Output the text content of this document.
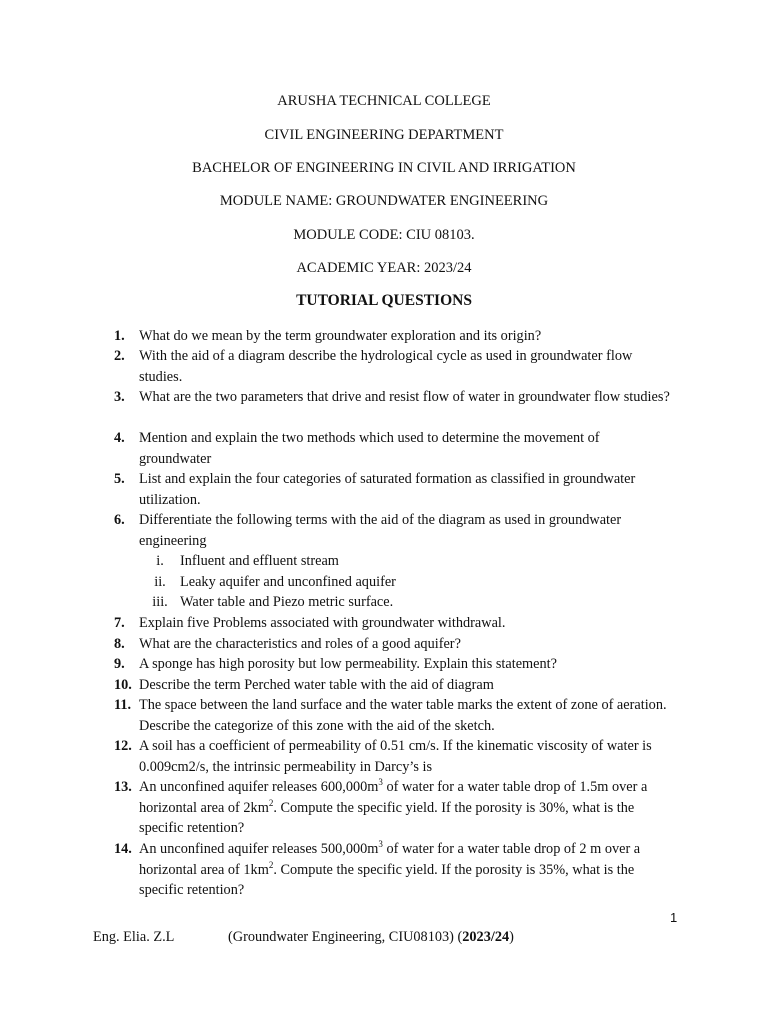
ARUSHA TECHNICAL COLLEGE
CIVIL ENGINEERING DEPARTMENT
BACHELOR OF ENGINEERING IN CIVIL AND IRRIGATION
MODULE NAME: GROUNDWATER ENGINEERING
MODULE CODE: CIU 08103.
ACADEMIC YEAR: 2023/24
TUTORIAL QUESTIONS
1. What do we mean by the term groundwater exploration and its origin?
2. With the aid of a diagram describe the hydrological cycle as used in groundwater flow studies.
3. What are the two parameters that drive and resist flow of water in groundwater flow studies?
4. Mention and explain the two methods which used to determine the movement of groundwater
5. List and explain the four categories of saturated formation as classified in groundwater utilization.
6. Differentiate the following terms with the aid of the diagram as used in groundwater engineering
i. Influent and effluent stream
ii. Leaky aquifer and unconfined aquifer
iii. Water table and Piezo metric surface.
7. Explain five Problems associated with groundwater withdrawal.
8. What are the characteristics and roles of a good aquifer?
9. A sponge has high porosity but low permeability. Explain this statement?
10. Describe the term Perched water table with the aid of diagram
11. The space between the land surface and the water table marks the extent of zone of aeration. Describe the categorize of this zone with the aid of the sketch.
12. A soil has a coefficient of permeability of 0.51 cm/s. If the kinematic viscosity of water is 0.009cm2/s, the intrinsic permeability in Darcy’s is
13. An unconfined aquifer releases $600,000m^3$ of water for a water table drop of 1.5m over a horizontal area of $2km^2$. Compute the specific yield. If the porosity is 30%, what is the specific retention?
14. An unconfined aquifer releases $500,000m^3$ of water for a water table drop of 2 m over a horizontal area of $1km^2$. Compute the specific yield. If the porosity is 35%, what is the specific retention?
1
Eng. Elia. Z.L	(Groundwater Engineering, CIU08103) (2023/24)
